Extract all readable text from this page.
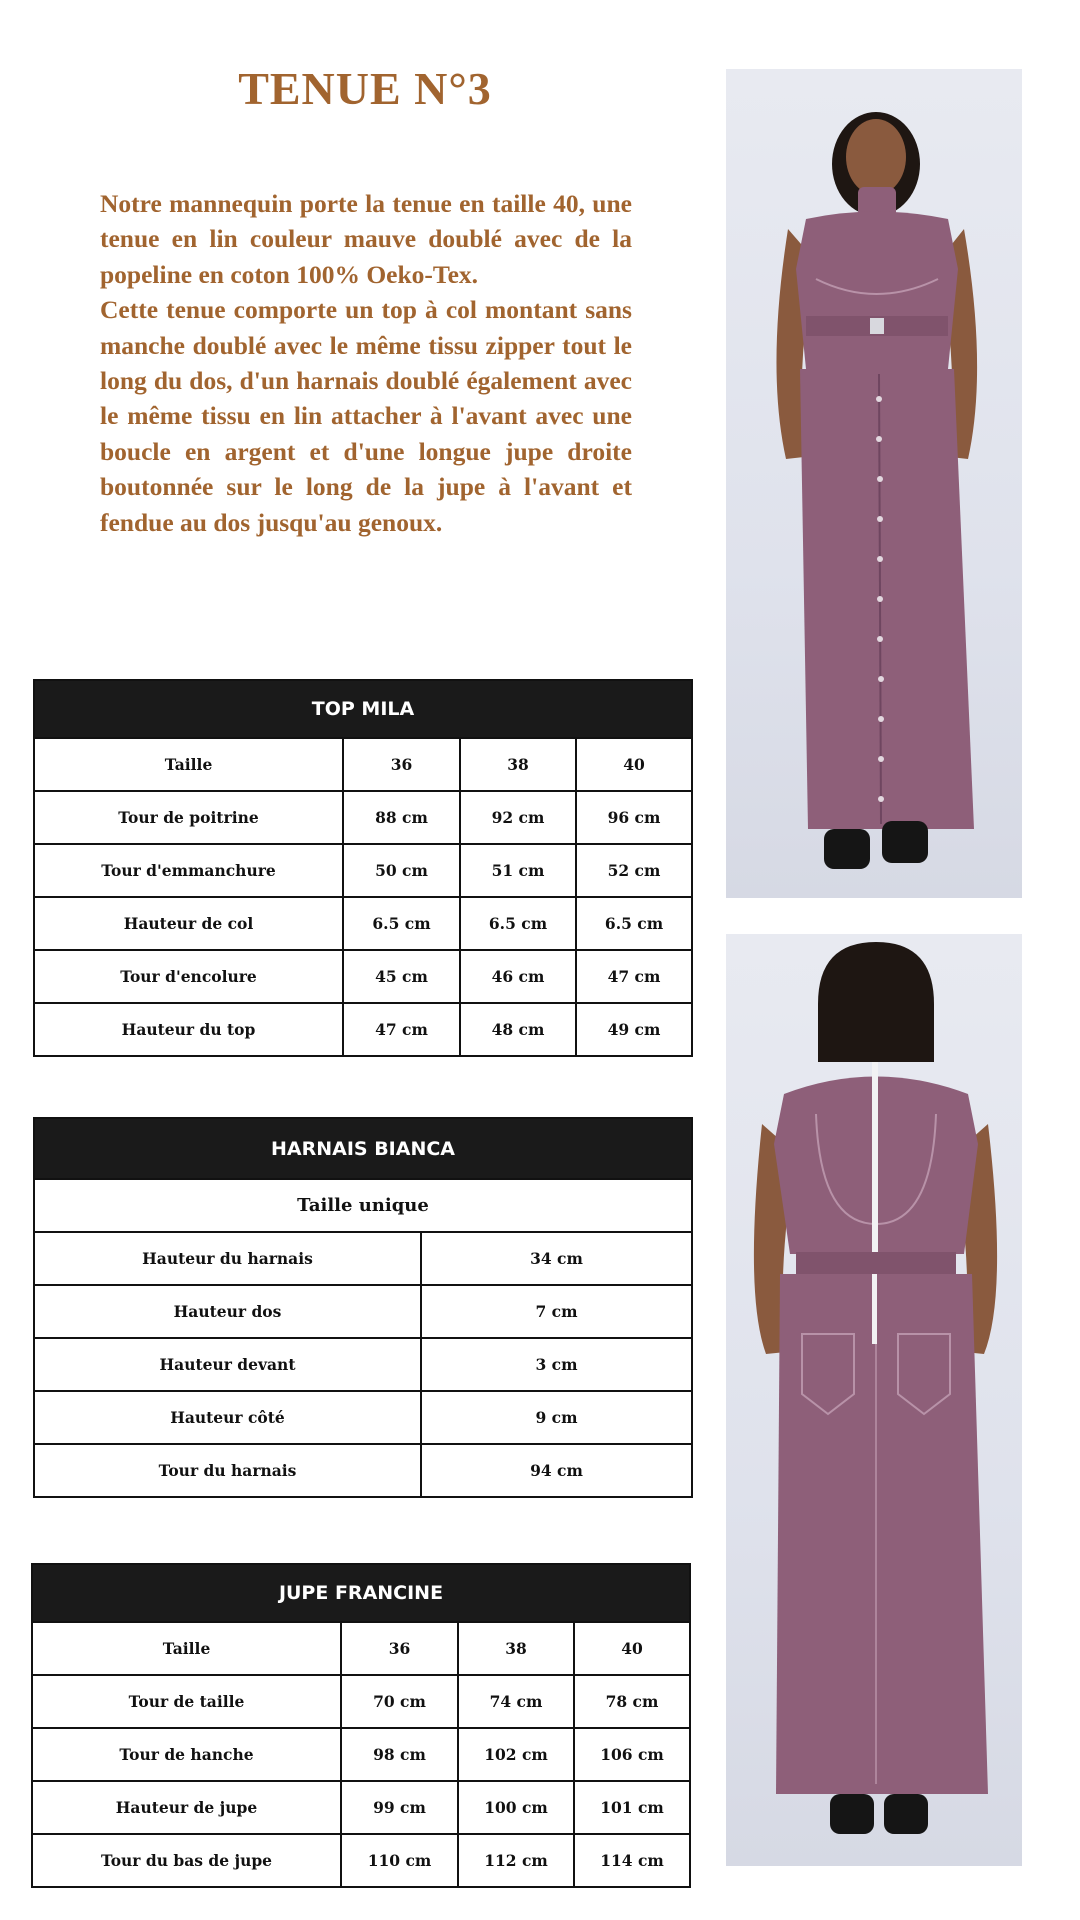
TENUE N°3

Notre mannequin porte la tenue en taille 40, une tenue en lin couleur mauve doublé avec de la popeline en coton 100% Oeko-Tex.

Cette tenue comporte un top à col montant sans manche doublé avec le même tissu zipper tout le long du dos, d'un harnais doublé également avec le même tissu en lin attacher à l'avant avec une boucle en argent et d'une longue jupe droite boutonnée sur le long de la jupe à l'avant et fendue au dos jusqu'au genoux.

TOP MILA			
Taille	36	38	40
Tour de poitrine	88 cm	92 cm	96 cm
Tour d'emmanchure	50 cm	51 cm	52 cm
Hauteur de col	6.5 cm	6.5 cm	6.5 cm
Tour d'encolure	45 cm	46 cm	47 cm
Hauteur du top	47 cm	48 cm	49 cm
HARNAIS BIANCA	
Taille unique	
Hauteur du harnais	34 cm
Hauteur dos	7 cm
Hauteur devant	3 cm
Hauteur côté	9 cm
Tour du harnais	94 cm
JUPE FRANCINE			
Taille	36	38	40
Tour de taille	70 cm	74 cm	78 cm
Tour de hanche	98 cm	102 cm	106 cm
Hauteur de jupe	99 cm	100 cm	101 cm
Tour du bas de jupe	110 cm	112 cm	114 cm
